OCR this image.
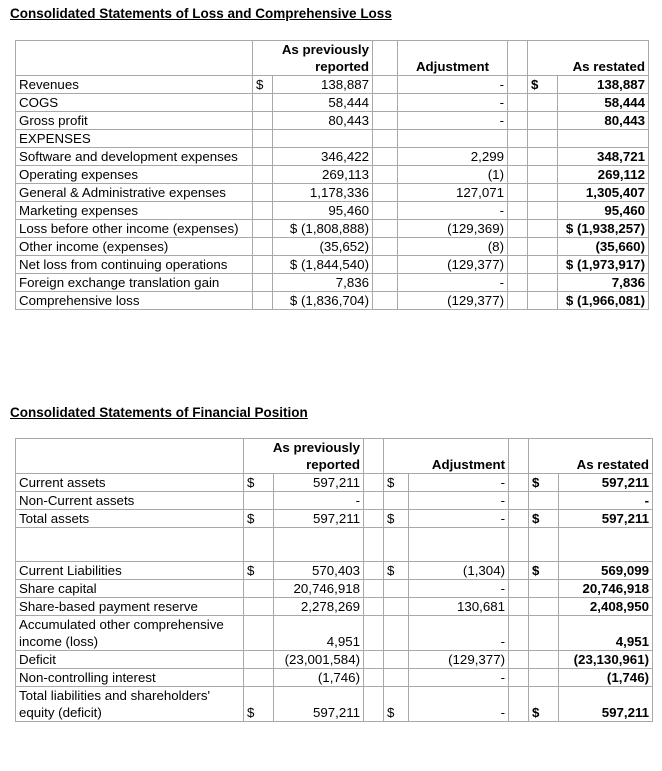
Consolidated Statements of Loss and Comprehensive Loss

	As previously
reported			Adjustment		As restated	
Revenues	$	138,887		-		$	138,887
COGS		58,444		-			58,444
Gross profit		80,443		-			80,443
EXPENSES							
Software and development expenses		346,422		2,299			348,721
Operating expenses		269,113		(1)			269,112
General & Administrative expenses		1,178,336		127,071			1,305,407
Marketing expenses		95,460		-			95,460
Loss before other income (expenses)		$ (1,808,888)		(129,369)			$ (1,938,257)
Other income (expenses)		(35,652)		(8)			(35,660)
Net loss from continuing operations		$ (1,844,540)		(129,377)			$ (1,973,917)
Foreign exchange translation gain		7,836		-			7,836
Comprehensive loss		$ (1,836,704)		(129,377)			$ (1,966,081)
Consolidated Statements of Financial Position

	As previously
reported			Adjustment			As restated	
Current assets	$	597,211		$	-		$	597,211
Non-Current assets		-			-			-
Total assets	$	597,211		$	-		$	597,211

Current Liabilities	$	570,403		$	(1,304)		$	569,099
Share capital		20,746,918			-			20,746,918
Share-based payment reserve		2,278,269			130,681			2,408,950
Accumulated other comprehensive income (loss)		4,951			-			4,951
Deficit		(23,001,584)			(129,377)			(23,130,961)
Non-controlling interest		(1,746)			-			(1,746)
Total liabilities and shareholders' equity (deficit)	$	597,211		$	-		$	597,211
